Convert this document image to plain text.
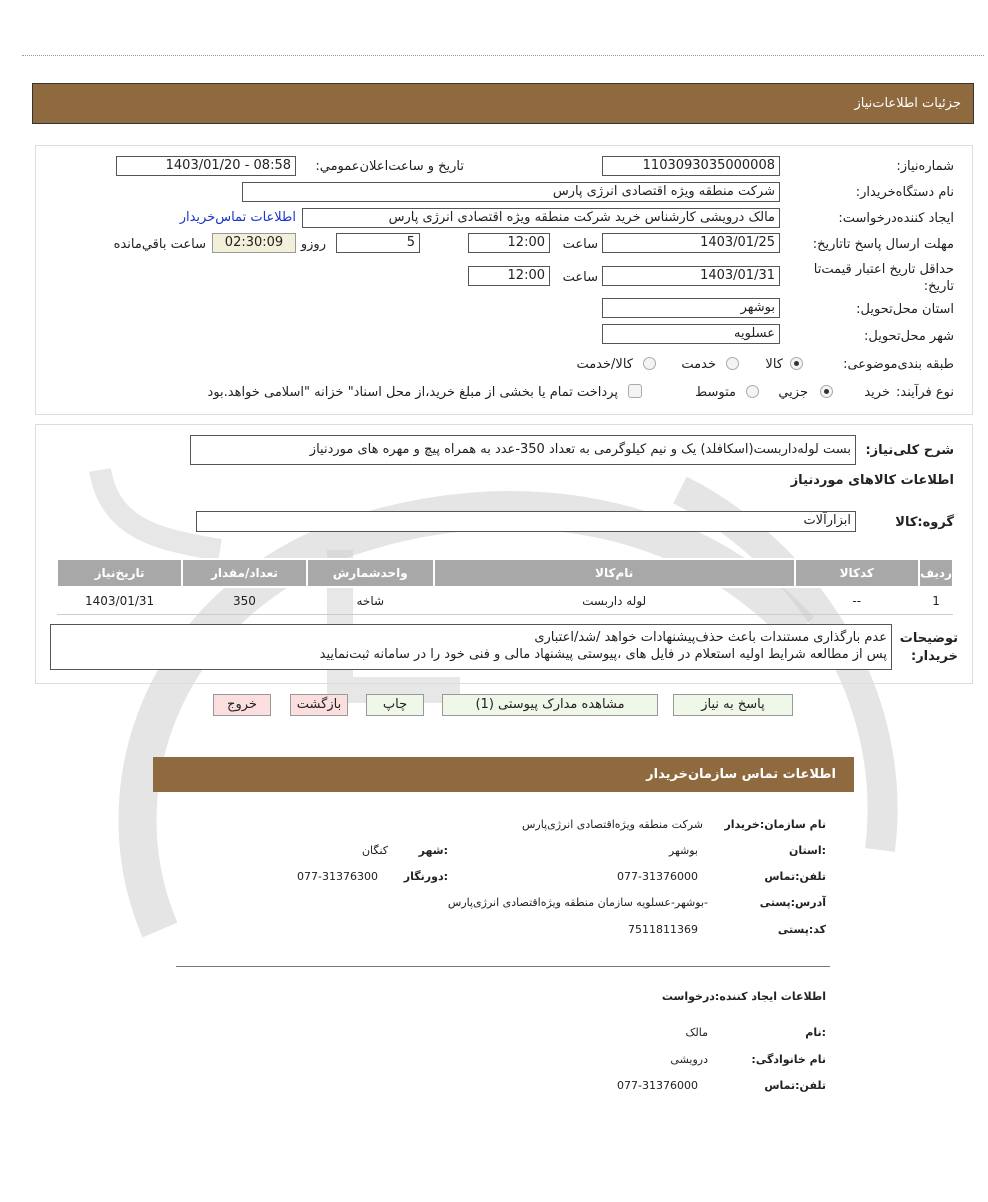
جزئيات اطلاعات‌نياز
شماره‌نياز:
1103093035000008
تاريخ و ساعت‌اعلان‌عمومي:
1403/01/20 - 08:58
نام دستگاه‌خريدار:
شرکت منطقه ویژه اقتصادی انرژی پارس
ايجاد کننده‌درخواست:
مالک درویشی کارشناس خرید شرکت منطقه ویژه اقتصادی انرژی پارس
اطلاعات تماس‌خريدار
مهلت ارسال پاسخ تا‌تاريخ:
1403/01/25
ساعت
12:00
5
روزو
02:30:09
ساعت باقي‌مانده
حداقل تاريخ اعتبار قيمت‌تا تاريخ:
1403/01/31
ساعت
12:00
استان محل‌تحويل:
بوشهر
شهر محل‌تحويل:
عسلویه
طبقه بندی‌موضوعی:
کالا
خدمت
کالا/خدمت
نوع فرآيند:
خريد
جزيي
متوسط
پرداخت تمام يا بخشی از مبلغ خريد،از محل اسناد" خزانه "اسلامی خواهد.بود
شرح کلی‌نياز:
بست لوله‌داربست(اسکافلد) یک و نیم کیلوگرمی به تعداد 350-عدد به همراه پیچ و مهره های موردنیاز
اطلاعات کالاهای موردنياز
گروه:کالا
ابزارآلات
رديف	کدکالا	نام‌کالا	واحدشمارش	تعداد/مقدار	تاريخ‌نياز
1	--	لوله داربست	شاخه	350	1403/01/31
توضيحات خريدار:
عدم بارگذاری مستندات باعث حذف‌پیشنهادات خواهد /شد/اعتباری
پس از مطالعه شرایط اولیه استعلام در فایل های ،پیوستی پیشنهاد مالی و فنی خود را در سامانه ثبت‌نمایید
پاسخ به نياز
مشاهده مدارک پيوستی (1)
چاپ
بازگشت
خروج
اطلاعات تماس سازمان‌خريدار
نام سازمان:خريدار
شرکت منطقه ویژه‌اقتصادی انرژی‌پارس
:استان
بوشهر
:شهر
کنگان
تلفن:تماس
077-31376000
:دورنگار
077-31376300
آدرس:پستی
-بوشهر-عسلویه سازمان منطقه ویژه‌اقتصادی انرژی‌پارس
کد:پستی
7511811369
اطلاعات ایجاد کننده:درخواست
:نام
مالک
نام خانوادگی:
درویشی
تلفن:تماس
077-31376000
